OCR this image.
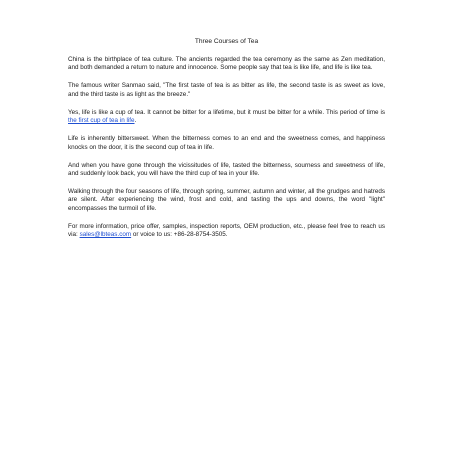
Three Courses of Tea

China is the birthplace of tea culture. The ancients regarded the tea ceremony as the same as Zen meditation, and both demanded a return to nature and innocence. Some people say that tea is like life, and life is like tea.

The famous writer Sanmao said, "The first taste of tea is as bitter as life, the second taste is as sweet as love, and the third taste is as light as the breeze."

Yes, life is like a cup of tea. It cannot be bitter for a lifetime, but it must be bitter for a while. This period of time is the first cup of tea in life.

Life is inherently bittersweet. When the bitterness comes to an end and the sweetness comes, and happiness knocks on the door, it is the second cup of tea in life.

And when you have gone through the vicissitudes of life, tasted the bitterness, sourness and sweetness of life, and suddenly look back, you will have the third cup of tea in your life.

Walking through the four seasons of life, through spring, summer, autumn and winter, all the grudges and hatreds are silent. After experiencing the wind, frost and cold, and tasting the ups and downs, the word "light" encompasses the turmoil of life.

For more information, price offer, samples, inspection reports, OEM production, etc., please feel free to reach us via: sales@lbteas.com or voice to us: +86-28-8754-3505.
